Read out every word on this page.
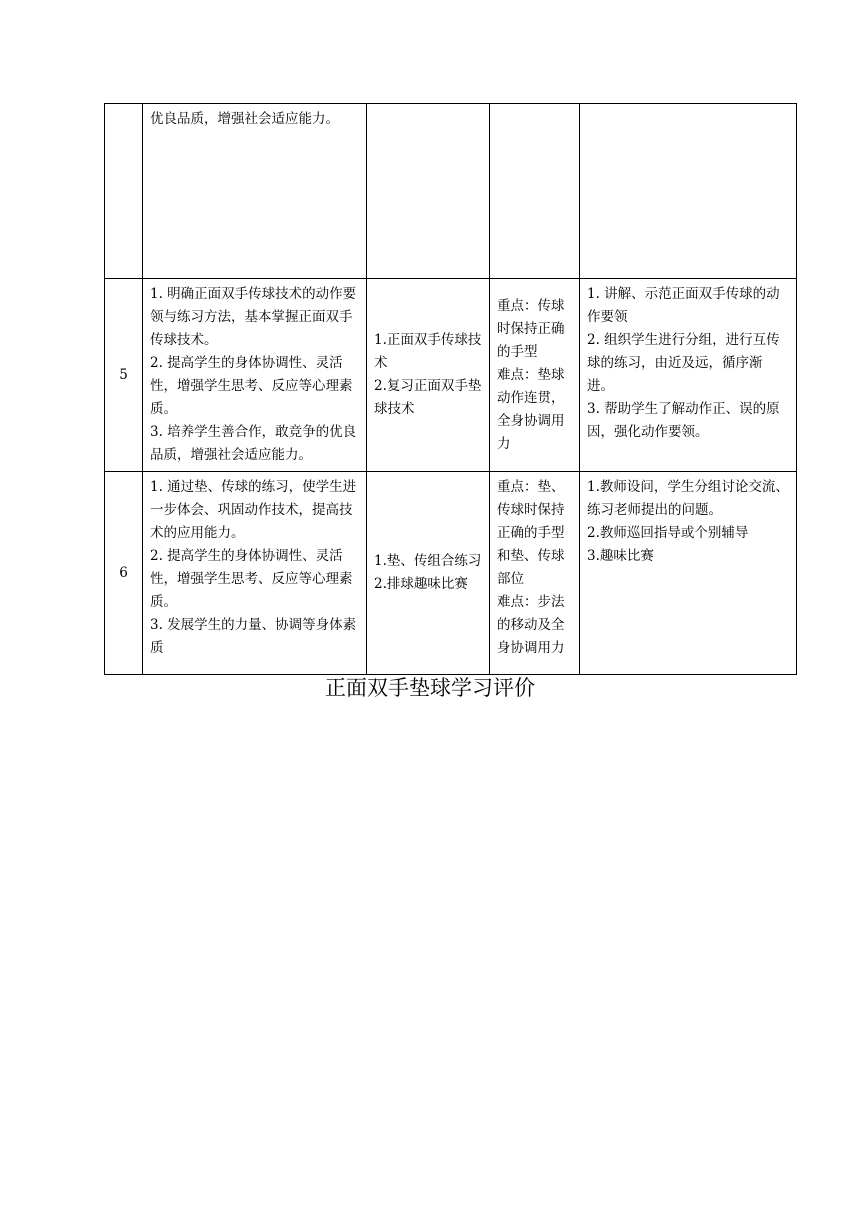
	优良品质，增强社会适应能力。			

5	1. 明确正面双手传球技术的动作要领与练习方法，基本掌握正面双手传球技术。
2. 提高学生的身体协调性、灵活性，增强学生思考、反应等心理素质。
3. 培养学生善合作，敢竞争的优良品质，增强社会适应能力。	1.正面双手传球技术
2.复习正面双手垫球技术	重点：传球时保持正确的手型
难点：垫球动作连贯，全身协调用力	1. 讲解、示范正面双手传球的动作要领
2. 组织学生进行分组，进行互传球的练习，由近及远，循序渐进。
3. 帮助学生了解动作正、误的原因，强化动作要领。

6	1. 通过垫、传球的练习，使学生进一步体会、巩固动作技术，提高技术的应用能力。
2. 提高学生的身体协调性、灵活性，增强学生思考、反应等心理素质。
3. 发展学生的力量、协调等身体素质	1.垫、传组合练习
2.排球趣味比赛	重点：垫、传球时保持正确的手型和垫、传球部位
难点：步法的移动及全身协调用力	1.教师设问，学生分组讨论交流、练习老师提出的问题。
2.教师巡回指导或个别辅导
3.趣味比赛
正面双手垫球学习评价
